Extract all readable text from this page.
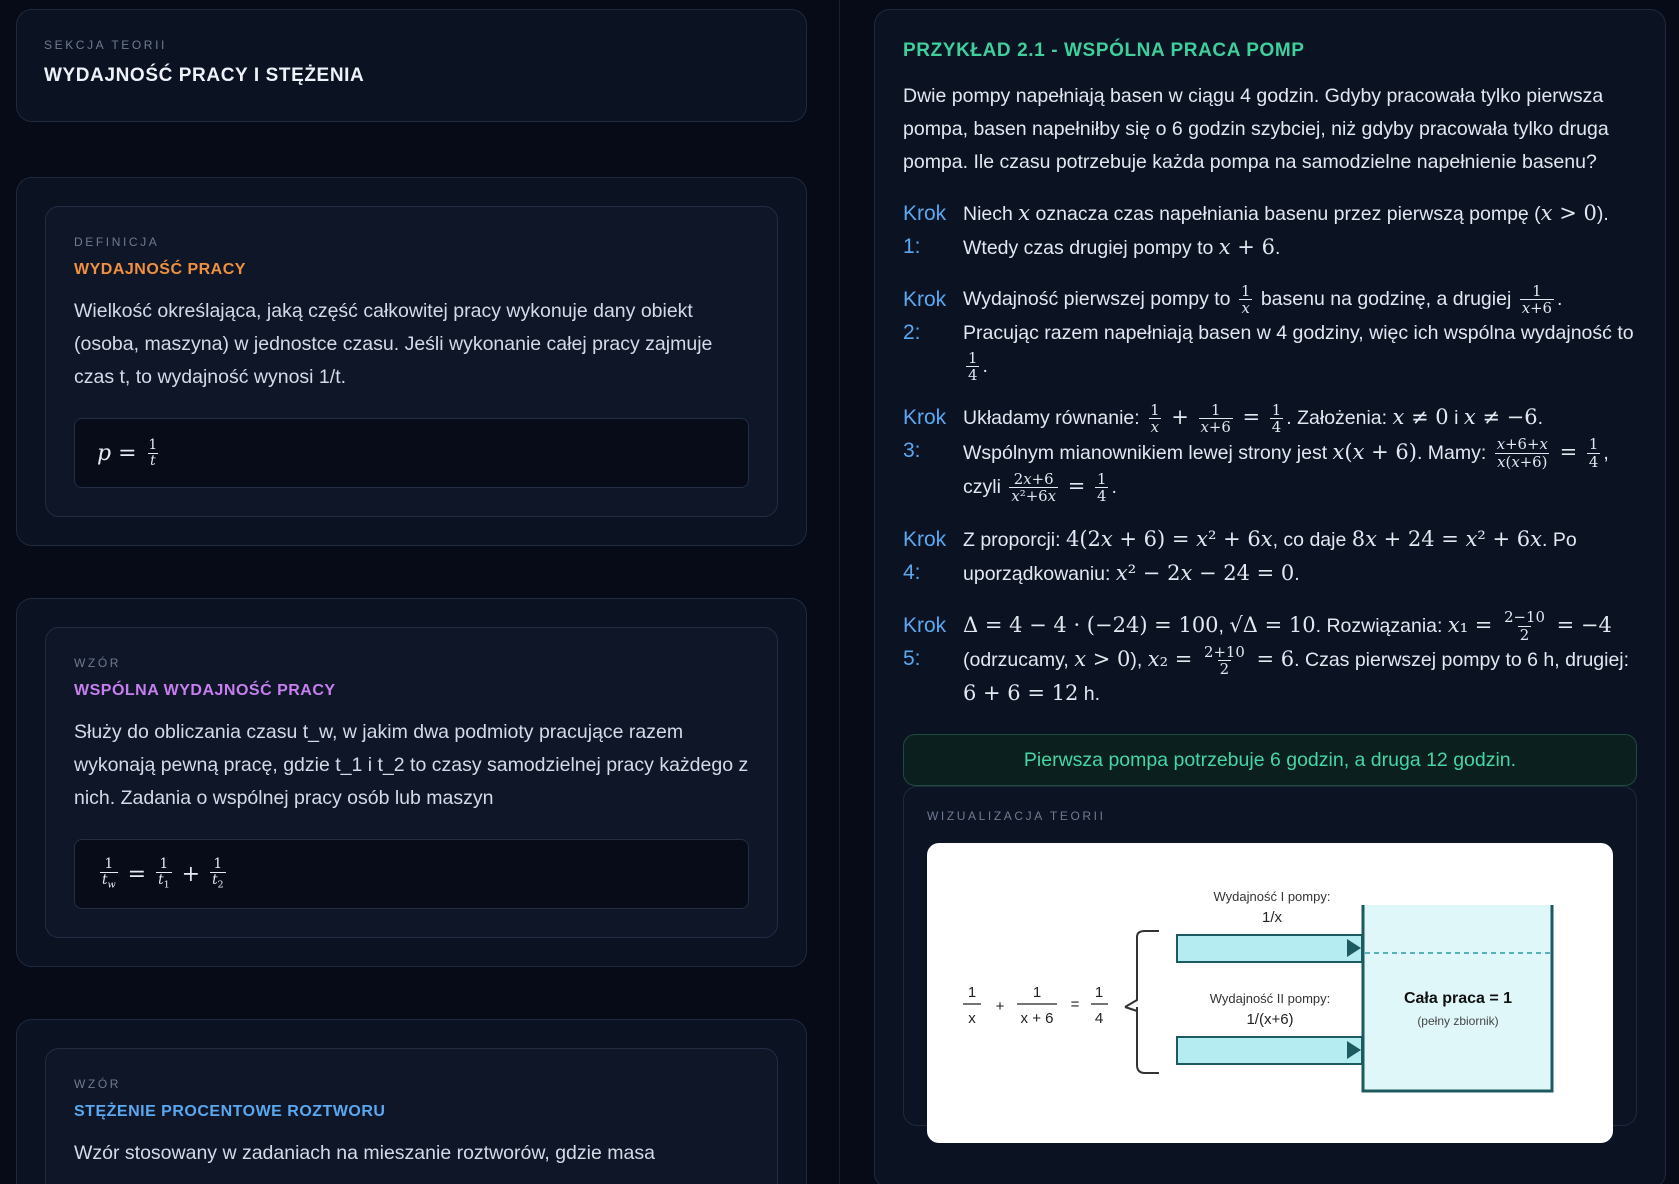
SEKCJA TEORII
WYDAJNOŚĆ PRACY I STĘŻENIA
DEFINICJA
WYDAJNOŚĆ PRACY
Wielkość określająca, jaką część całkowitej pracy wykonuje dany obiekt (osoba, maszyna) w jednostce czasu. Jeśli wykonanie całej pracy zajmuje czas t, to wydajność wynosi 1/t.
$p = \frac{1}{t}$
WZÓR
WSPÓLNA WYDAJNOŚĆ PRACY
Służy do obliczania czasu t_w, w jakim dwa podmioty pracujące razem wykonają pewną pracę, gdzie t_1 i t_2 to czasy samodzielnej pracy każdego z nich. Zadania o wspólnej pracy osób lub maszyn
$\frac{1}{t_w} = \frac{1}{t_1} + \frac{1}{t_2}$
WZÓR
STĘŻENIE PROCENTOWE ROZTWORU
Wzór stosowany w zadaniach na mieszanie roztworów, gdzie masa
PRZYKŁAD 2.1 - WSPÓLNA PRACA POMP
Dwie pompy napełniają basen w ciągu 4 godzin. Gdyby pracowała tylko pierwsza pompa, basen napełniłby się o 6 godzin szybciej, niż gdyby pracowała tylko druga pompa. Ile czasu potrzebuje każda pompa na samodzielne napełnienie basenu?
Krok 1:
Niech x oznacza czas napełniania basenu przez pierwszą pompę (x > 0). Wtedy czas drugiej pompy to x + 6.
Krok 2:
Wydajność pierwszej pompy to $\frac{1}{x}$ basenu na godzinę, a drugiej $\frac{1}{x+6}$ . Pracując razem napełniają basen w 4 godziny, więc ich wspólna wydajność to
$\frac{1}{4}$ .
Krok 3:
Układamy równanie: $\frac{1}{x} + \frac{1}{x+6} = \frac{1}{4}$ . Założenia: x ≠ 0 i x ≠ −6. Wspólnym mianownikiem lewej strony jest x(x + 6). Mamy: $\frac{x+6+x}{x(x+6)} = \frac{1}{4}$ , czyli $\frac{2x+6}{\text{x²+6x}} = \frac{1}{4}$ .
Krok 4:
Z proporcji: 4(2x + 6) = x² + 6x, co daje 8x + 24 = x² + 6x. Po uporządkowaniu: x² − 2x − 24 = 0.
Krok 5:
Δ = 4 − 4 · (−24) = 100, √Δ = 10. Rozwiązania: $x_1 = \frac{2-10}{2} = -4$ (odrzucamy, x > 0), $x_2 = \frac{2+10}{2} = 6$. Czas pierwszej pompy to 6 h, drugiej: 6 + 6 = 12 h.
Pierwsza pompa potrzebuje 6 godzin, a druga 12 godzin.
WIZUALIZACJA TEORII
1
x
+
1
x + 6
=
1
4
Wydajność I pompy:
1/x
Wydajność II pompy:
1/(x+6)
Cała praca = 1
(pełny zbiornik)
